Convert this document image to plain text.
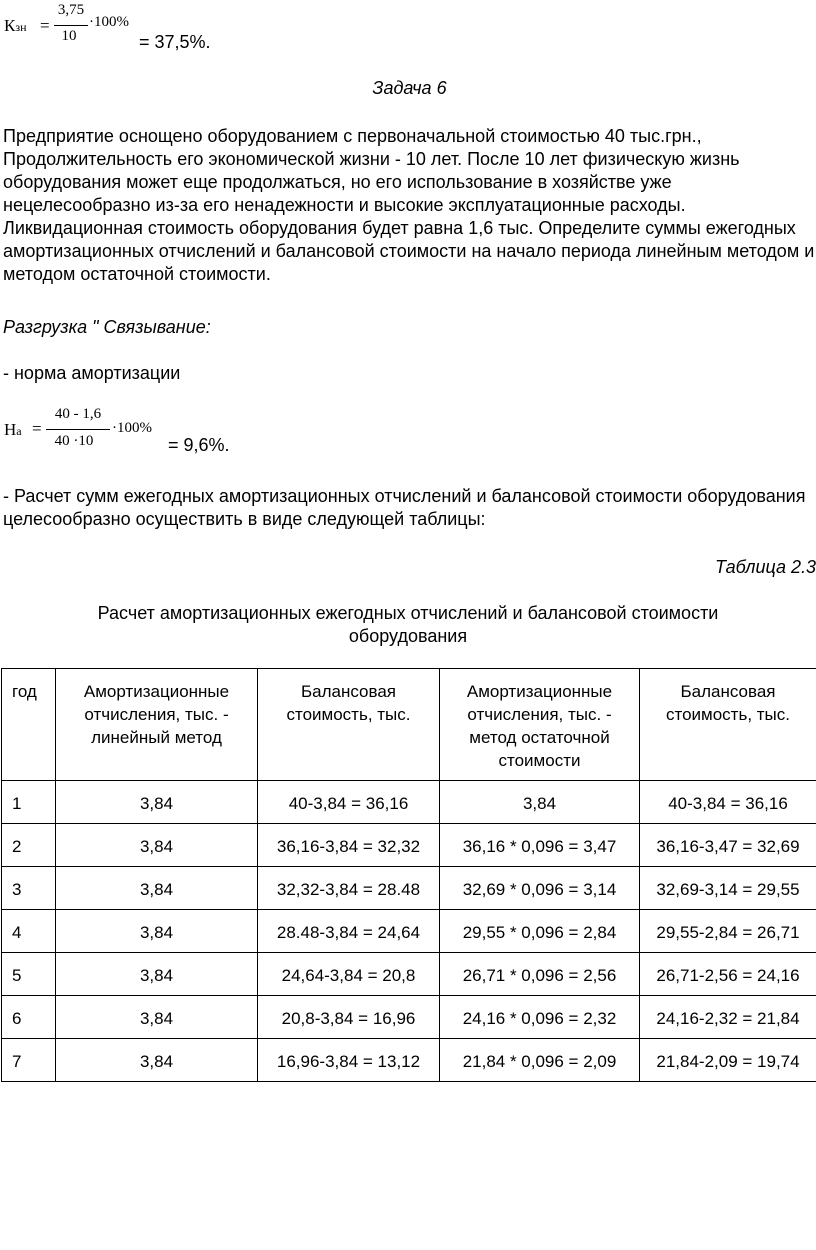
Кзн =
3,75
10
·100%
= 37,5%.

Задача 6

Предприятие оснощено оборудованием с первоначальной стоимостью 40 тыс.грн., Продолжительность его экономической жизни - 10 лет. После 10 лет физическую жизнь оборудования может еще продолжаться, но его использование в хозяйстве уже нецелесообразно из-за его ненадежности и высокие эксплуатационные расходы. Ликвидационная стоимость оборудования будет равна 1,6 тыс. Определите суммы ежегодных амортизационных отчислений и балансовой стоимости на начало периода линейным методом и методом остаточной стоимости.

Разгрузка " Связывание:

- норма амортизации

На =
40 - 1,6
40 ·10
·100%
= 9,6%.

- Расчет сумм ежегодных амортизационных отчислений и балансовой стоимости оборудования целесообразно осуществить в виде следующей таблицы:

Таблица 2.3

Расчет амортизационных ежегодных отчислений и балансовой стоимости оборудования

год	Амортизационные отчисления, тыс. - линейный метод	Балансовая стоимость, тыс.	Амортизационные отчисления, тыс. - метод остаточной стоимости	Балансовая стоимость, тыс.
1	3,84	40-3,84 = 36,16	3,84	40-3,84 = 36,16
2	3,84	36,16-3,84 = 32,32	36,16 * 0,096 = 3,47	36,16-3,47 = 32,69
3	3,84	32,32-3,84 = 28.48	32,69 * 0,096 = 3,14	32,69-3,14 = 29,55
4	3,84	28.48-3,84 = 24,64	29,55 * 0,096 = 2,84	29,55-2,84 = 26,71
5	3,84	24,64-3,84 = 20,8	26,71 * 0,096 = 2,56	26,71-2,56 = 24,16
6	3,84	20,8-3,84 = 16,96	24,16 * 0,096 = 2,32	24,16-2,32 = 21,84
7	3,84	16,96-3,84 = 13,12	21,84 * 0,096 = 2,09	21,84-2,09 = 19,74
